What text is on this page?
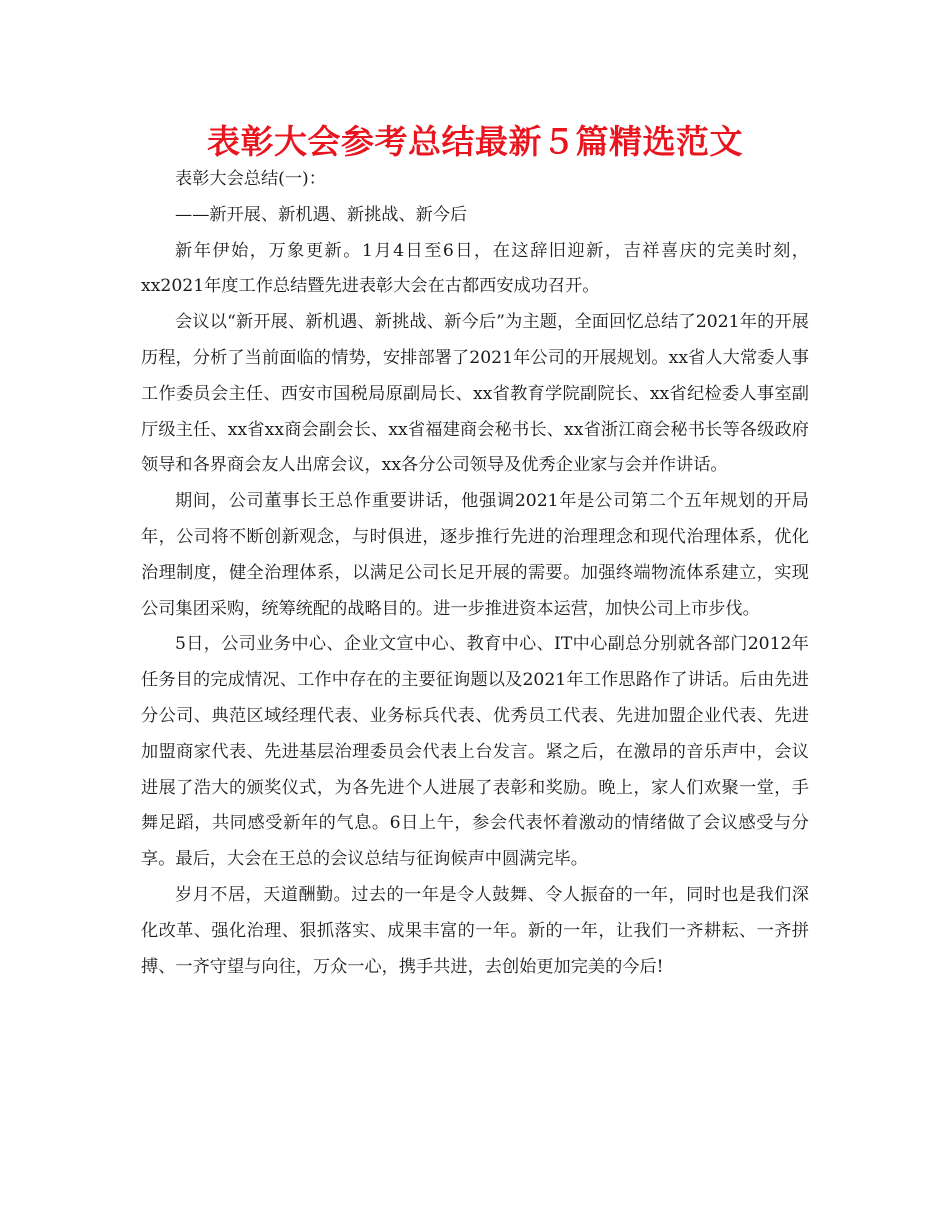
表彰大会参考总结最新５篇精选范文

表彰大会总结(一)：

——新开展、新机遇、新挑战、新今后

新年伊始，万象更新。1月4日至6日，在这辞旧迎新，吉祥喜庆的完美时刻，xx2021年度工作总结暨先进表彰大会在古都西安成功召开。

会议以“新开展、新机遇、新挑战、新今后”为主题，全面回忆总结了2021年的开展历程，分析了当前面临的情势，安排部署了2021年公司的开展规划。xx省人大常委人事工作委员会主任、西安市国税局原副局长、xx省教育学院副院长、xx省纪检委人事室副厅级主任、xx省xx商会副会长、xx省福建商会秘书长、xx省浙江商会秘书长等各级政府领导和各界商会友人出席会议，xx各分公司领导及优秀企业家与会并作讲话。

期间，公司董事长王总作重要讲话，他强调2021年是公司第二个五年规划的开局年，公司将不断创新观念，与时俱进，逐步推行先进的治理理念和现代治理体系，优化治理制度，健全治理体系，以满足公司长足开展的需要。加强终端物流体系建立，实现公司集团采购，统筹统配的战略目的。进一步推进资本运营，加快公司上市步伐。

5日，公司业务中心、企业文宣中心、教育中心、IT中心副总分别就各部门2012年任务目的完成情况、工作中存在的主要征询题以及2021年工作思路作了讲话。后由先进分公司、典范区域经理代表、业务标兵代表、优秀员工代表、先进加盟企业代表、先进加盟商家代表、先进基层治理委员会代表上台发言。紧之后，在激昂的音乐声中，会议进展了浩大的颁奖仪式，为各先进个人进展了表彰和奖励。晚上，家人们欢聚一堂，手舞足蹈，共同感受新年的气息。6日上午，参会代表怀着激动的情绪做了会议感受与分享。最后，大会在王总的会议总结与征询候声中圆满完毕。

岁月不居，天道酬勤。过去的一年是令人鼓舞、令人振奋的一年，同时也是我们深化改革、强化治理、狠抓落实、成果丰富的一年。新的一年，让我们一齐耕耘、一齐拼搏、一齐守望与向往，万众一心，携手共进，去创始更加完美的今后!
